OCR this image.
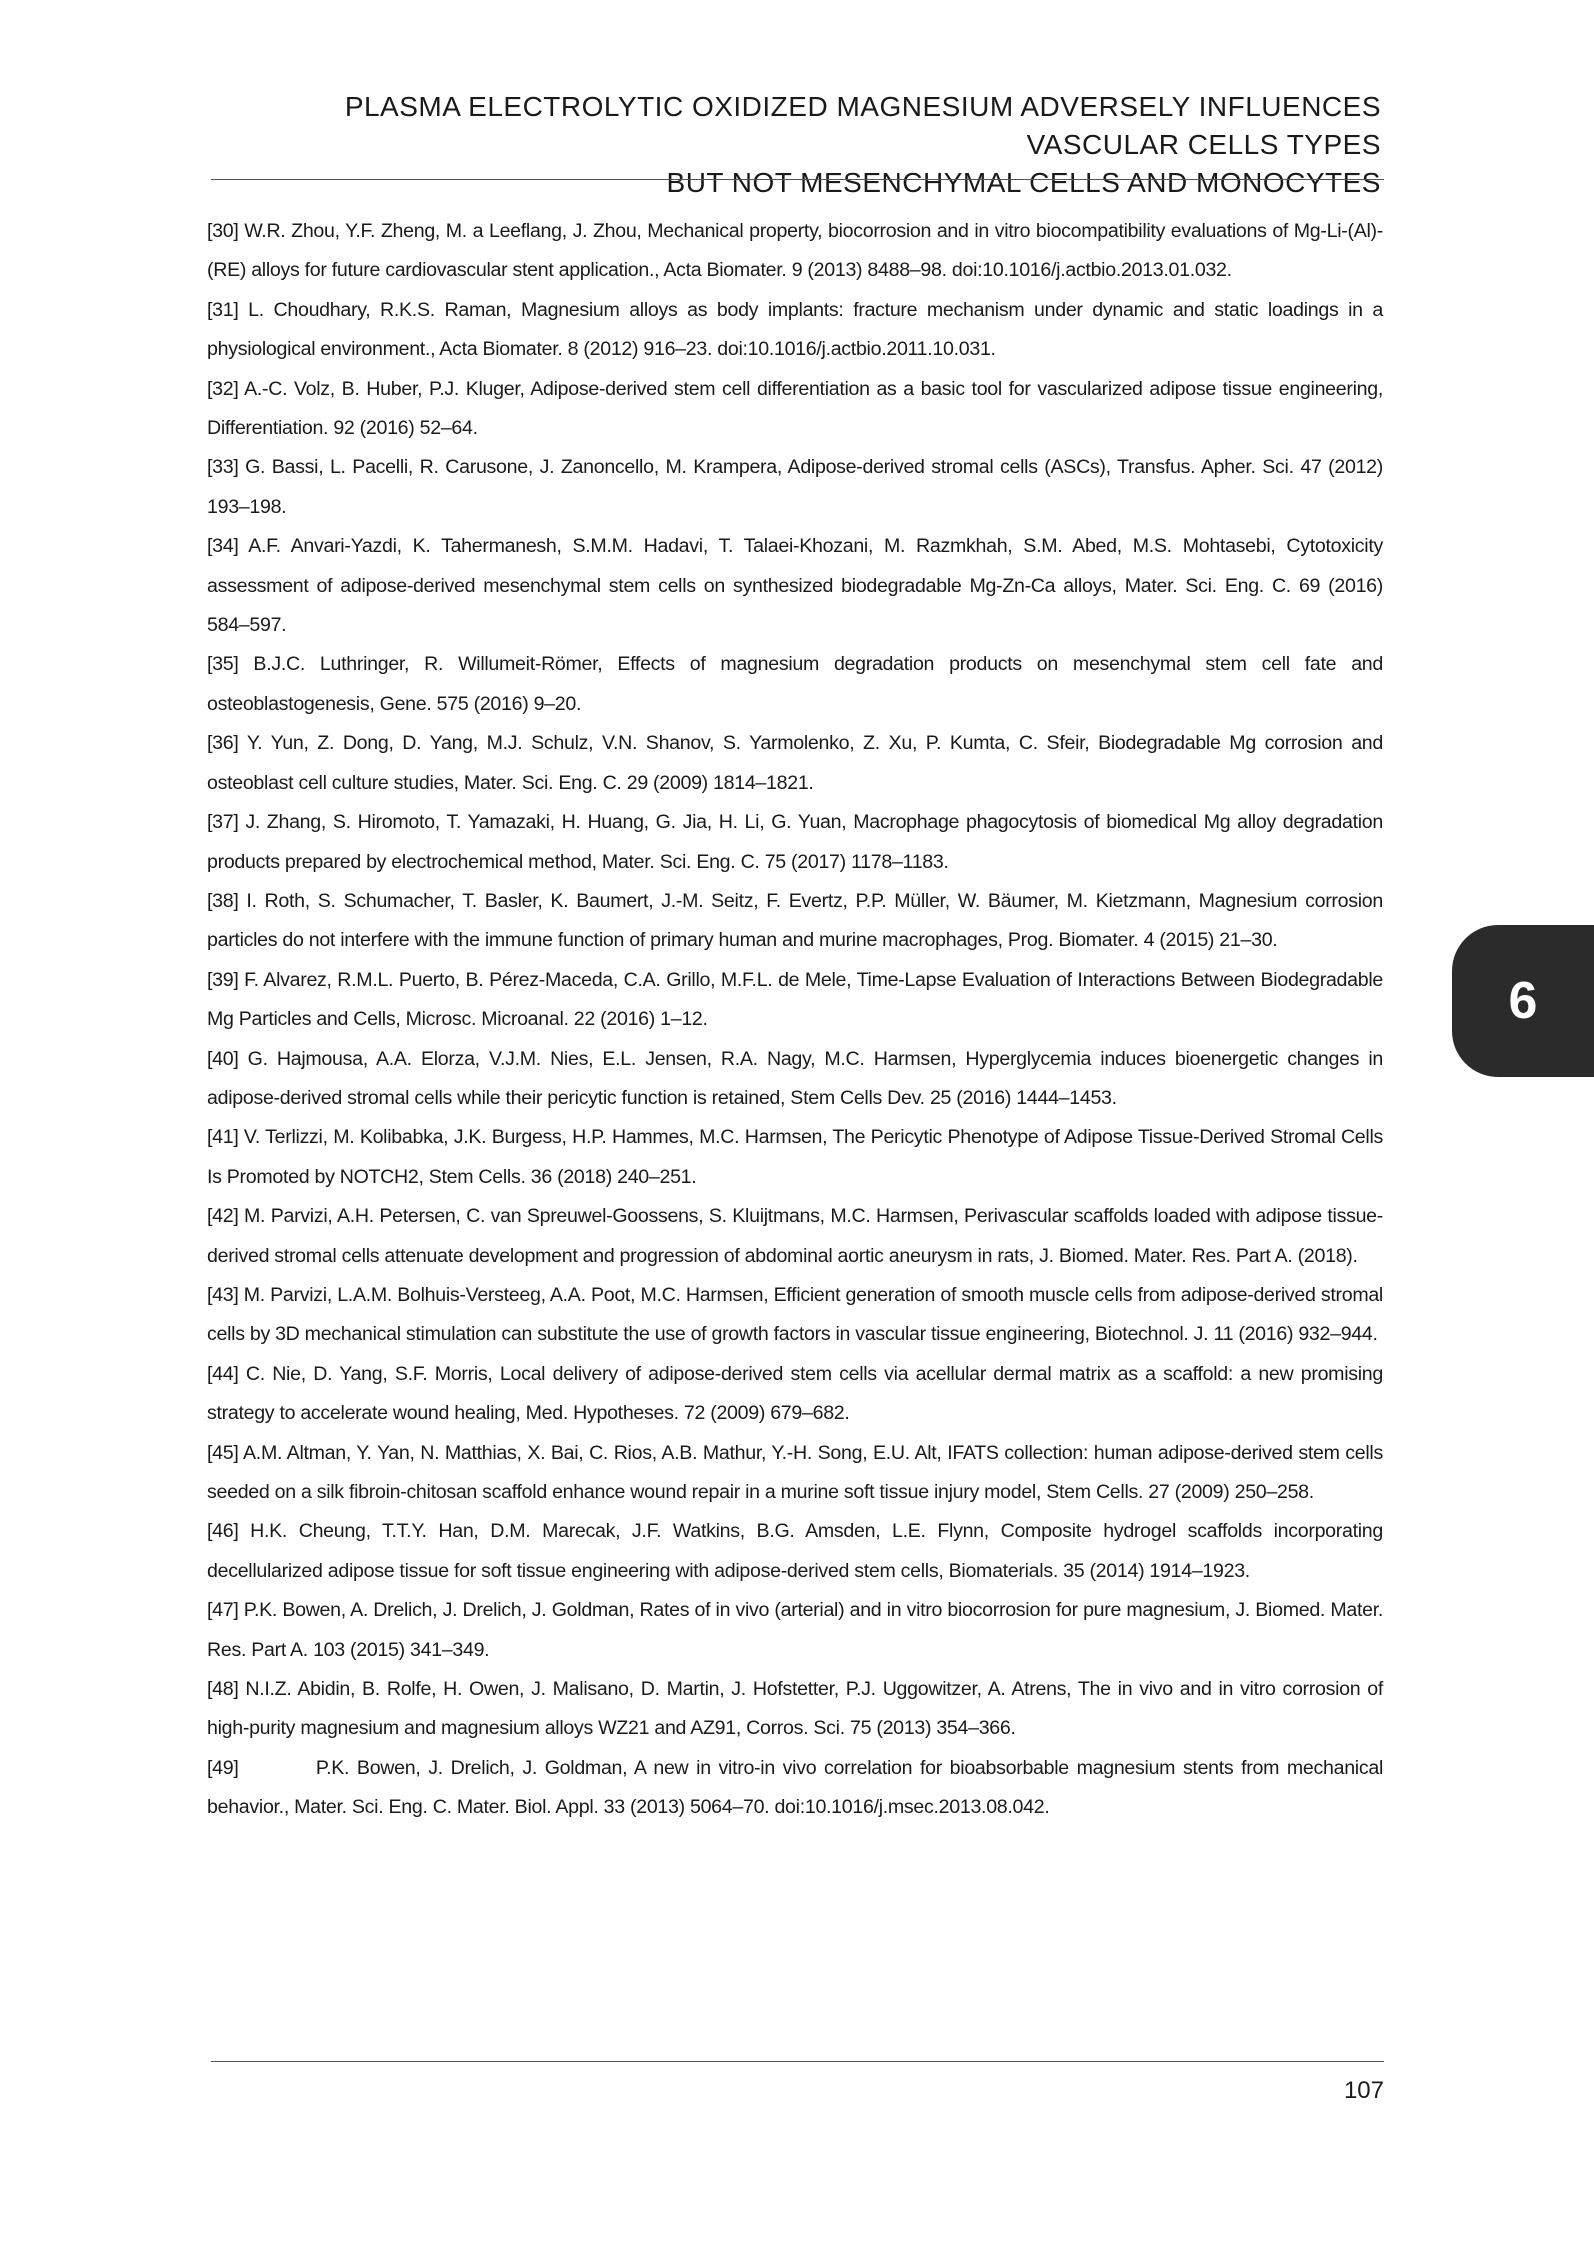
PLASMA ELECTROLYTIC OXIDIZED MAGNESIUM ADVERSELY INFLUENCES VASCULAR CELLS TYPES
BUT NOT MESENCHYMAL CELLS AND MONOCYTES

[30] W.R. Zhou, Y.F. Zheng, M. a Leeflang, J. Zhou, Mechanical property, biocorrosion and in vitro biocompatibility evaluations of Mg-Li-(Al)-(RE) alloys for future cardiovascular stent application., Acta Biomater. 9 (2013) 8488–98. doi:10.1016/j.actbio.2013.01.032.

[31] L. Choudhary, R.K.S. Raman, Magnesium alloys as body implants: fracture mechanism under dynamic and static loadings in a physiological environment., Acta Biomater. 8 (2012) 916–23. doi:10.1016/j.actbio.2011.10.031.

[32] A.-C. Volz, B. Huber, P.J. Kluger, Adipose-derived stem cell differentiation as a basic tool for vascularized adipose tissue engineering, Differentiation. 92 (2016) 52–64.

[33] G. Bassi, L. Pacelli, R. Carusone, J. Zanoncello, M. Krampera, Adipose-derived stromal cells (ASCs), Transfus. Apher. Sci. 47 (2012) 193–198.

[34] A.F. Anvari-Yazdi, K. Tahermanesh, S.M.M. Hadavi, T. Talaei-Khozani, M. Razmkhah, S.M. Abed, M.S. Mohtasebi, Cytotoxicity assessment of adipose-derived mesenchymal stem cells on synthesized biodegradable Mg-Zn-Ca alloys, Mater. Sci. Eng. C. 69 (2016) 584–597.

[35] B.J.C. Luthringer, R. Willumeit-Römer, Effects of magnesium degradation products on mesenchymal stem cell fate and osteoblastogenesis, Gene. 575 (2016) 9–20.

[36] Y. Yun, Z. Dong, D. Yang, M.J. Schulz, V.N. Shanov, S. Yarmolenko, Z. Xu, P. Kumta, C. Sfeir, Biodegradable Mg corrosion and osteoblast cell culture studies, Mater. Sci. Eng. C. 29 (2009) 1814–1821.

[37] J. Zhang, S. Hiromoto, T. Yamazaki, H. Huang, G. Jia, H. Li, G. Yuan, Macrophage phagocytosis of biomedical Mg alloy degradation products prepared by electrochemical method, Mater. Sci. Eng. C. 75 (2017) 1178–1183.

[38] I. Roth, S. Schumacher, T. Basler, K. Baumert, J.-M. Seitz, F. Evertz, P.P. Müller, W. Bäumer, M. Kietzmann, Magnesium corrosion particles do not interfere with the immune function of primary human and murine macrophages, Prog. Biomater. 4 (2015) 21–30.

[39] F. Alvarez, R.M.L. Puerto, B. Pérez-Maceda, C.A. Grillo, M.F.L. de Mele, Time-Lapse Evaluation of Interactions Between Biodegradable Mg Particles and Cells, Microsc. Microanal. 22 (2016) 1–12.

[40] G. Hajmousa, A.A. Elorza, V.J.M. Nies, E.L. Jensen, R.A. Nagy, M.C. Harmsen, Hyperglycemia induces bioenergetic changes in adipose-derived stromal cells while their pericytic function is retained, Stem Cells Dev. 25 (2016) 1444–1453.

[41] V. Terlizzi, M. Kolibabka, J.K. Burgess, H.P. Hammes, M.C. Harmsen, The Pericytic Phenotype of Adipose Tissue-Derived Stromal Cells Is Promoted by NOTCH2, Stem Cells. 36 (2018) 240–251.

[42] M. Parvizi, A.H. Petersen, C. van Spreuwel-Goossens, S. Kluijtmans, M.C. Harmsen, Perivascular scaffolds loaded with adipose tissue-derived stromal cells attenuate development and progression of abdominal aortic aneurysm in rats, J. Biomed. Mater. Res. Part A. (2018).

[43] M. Parvizi, L.A.M. Bolhuis-Versteeg, A.A. Poot, M.C. Harmsen, Efficient generation of smooth muscle cells from adipose-derived stromal cells by 3D mechanical stimulation can substitute the use of growth factors in vascular tissue engineering, Biotechnol. J. 11 (2016) 932–944.

[44] C. Nie, D. Yang, S.F. Morris, Local delivery of adipose-derived stem cells via acellular dermal matrix as a scaffold: a new promising strategy to accelerate wound healing, Med. Hypotheses. 72 (2009) 679–682.

[45] A.M. Altman, Y. Yan, N. Matthias, X. Bai, C. Rios, A.B. Mathur, Y.-H. Song, E.U. Alt, IFATS collection: human adipose-derived stem cells seeded on a silk fibroin-chitosan scaffold enhance wound repair in a murine soft tissue injury model, Stem Cells. 27 (2009) 250–258.

[46] H.K. Cheung, T.T.Y. Han, D.M. Marecak, J.F. Watkins, B.G. Amsden, L.E. Flynn, Composite hydrogel scaffolds incorporating decellularized adipose tissue for soft tissue engineering with adipose-derived stem cells, Biomaterials. 35 (2014) 1914–1923.

[47] P.K. Bowen, A. Drelich, J. Drelich, J. Goldman, Rates of in vivo (arterial) and in vitro biocorrosion for pure magnesium, J. Biomed. Mater. Res. Part A. 103 (2015) 341–349.

[48] N.I.Z. Abidin, B. Rolfe, H. Owen, J. Malisano, D. Martin, J. Hofstetter, P.J. Uggowitzer, A. Atrens, The in vivo and in vitro corrosion of high-purity magnesium and magnesium alloys WZ21 and AZ91, Corros. Sci. 75 (2013) 354–366.

[49]          P.K. Bowen, J. Drelich, J. Goldman, A new in vitro-in vivo correlation for bioabsorbable magnesium stents from mechanical behavior., Mater. Sci. Eng. C. Mater. Biol. Appl. 33 (2013) 5064–70. doi:10.1016/j.msec.2013.08.042.

107
6
